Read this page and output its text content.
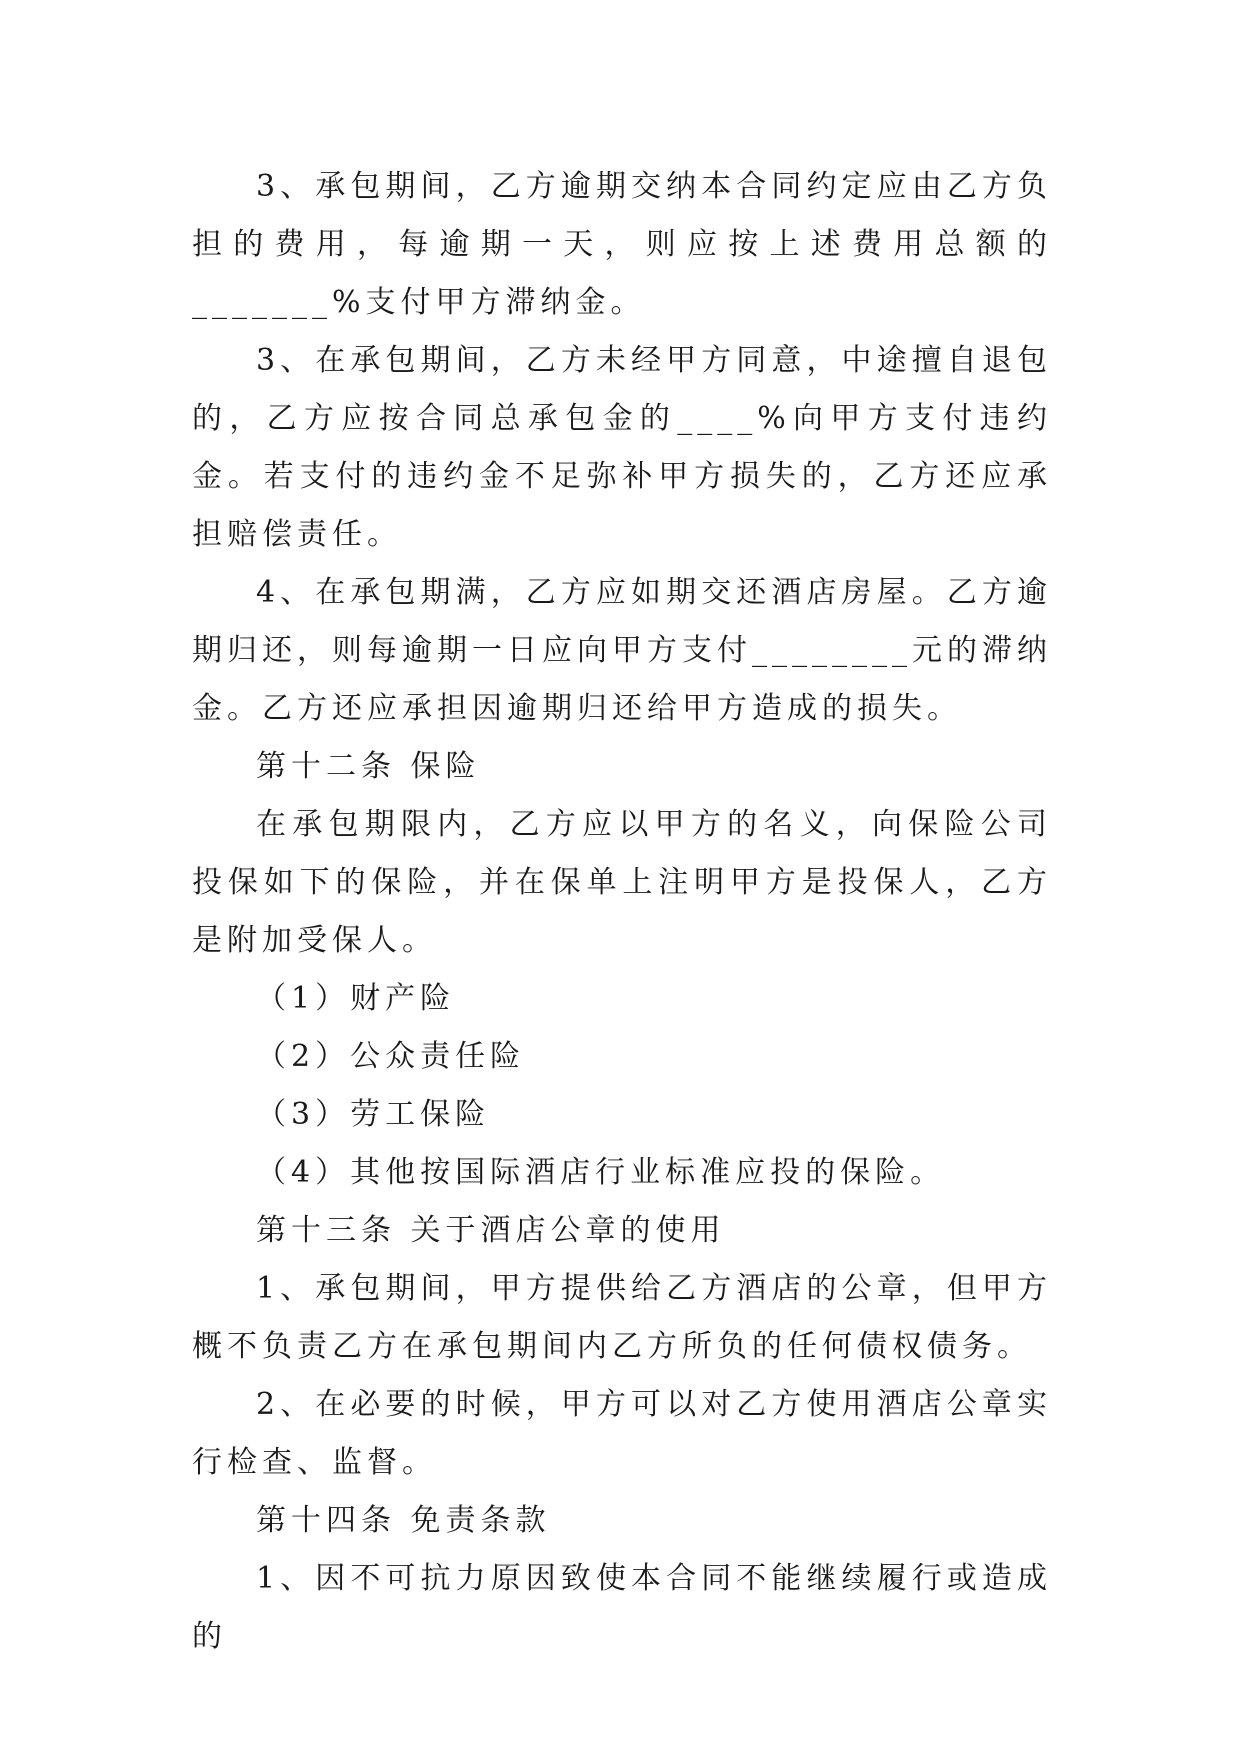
3、承包期间，乙方逾期交纳本合同约定应由乙方负担的费用，每逾期一天，则应按上述费用总额的_______%支付甲方滞纳金。

3、在承包期间，乙方未经甲方同意，中途擅自退包的，乙方应按合同总承包金的____%向甲方支付违约金。若支付的违约金不足弥补甲方损失的，乙方还应承担赔偿责任。

4、在承包期满，乙方应如期交还酒店房屋。乙方逾期归还，则每逾期一日应向甲方支付________元的滞纳金。乙方还应承担因逾期归还给甲方造成的损失。

第十二条 保险

在承包期限内，乙方应以甲方的名义，向保险公司投保如下的保险，并在保单上注明甲方是投保人，乙方是附加受保人。

（1）财产险

（2）公众责任险

（3）劳工保险

（4）其他按国际酒店行业标准应投的保险。

第十三条 关于酒店公章的使用

1、承包期间，甲方提供给乙方酒店的公章，但甲方概不负责乙方在承包期间内乙方所负的任何债权债务。

2、在必要的时候，甲方可以对乙方使用酒店公章实行检查、监督。

第十四条 免责条款

1、因不可抗力原因致使本合同不能继续履行或造成的
